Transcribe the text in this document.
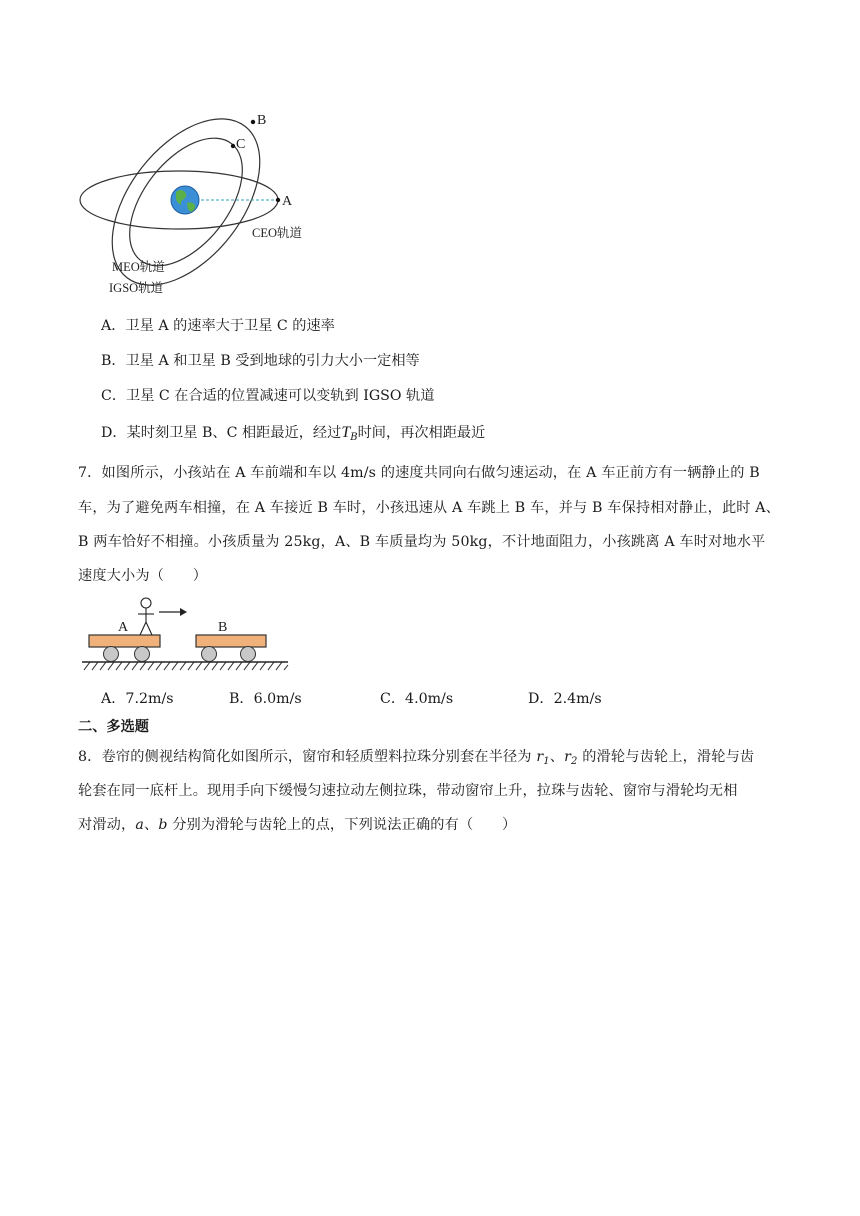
B
C
A
CEO轨道
MEO轨道
IGSO轨道
A．卫星 A 的速率大于卫星 C 的速率
B．卫星 A 和卫星 B 受到地球的引力大小一定相等
C．卫星 C 在合适的位置减速可以变轨到 IGSO 轨道
D．某时刻卫星 B、C 相距最近，经过$T_B$时间，再次相距最近
7．如图所示，小孩站在 A 车前端和车以 4m/s 的速度共同向右做匀速运动，在 A 车正前方有一辆静止的 B
车，为了避免两车相撞，在 A 车接近 B 车时，小孩迅速从 A 车跳上 B 车，并与 B 车保持相对静止，此时 A、
B 两车恰好不相撞。小孩质量为 25kg，A、B 车质量均为 50kg，不计地面阻力，小孩跳离 A 车时对地水平
速度大小为（　　）
A	B
A．7.2m/s	B．6.0m/s	C．4.0m/s	D．2.4m/s
二、多选题
8．卷帘的侧视结构简化如图所示，窗帘和轻质塑料拉珠分别套在半径为 $r_1$、$r_2$ 的滑轮与齿轮上，滑轮与齿
轮套在同一底杆上。现用手向下缓慢匀速拉动左侧拉珠，带动窗帘上升，拉珠与齿轮、窗帘与滑轮均无相
对滑动，a、b 分别为滑轮与齿轮上的点，下列说法正确的有（　　）
